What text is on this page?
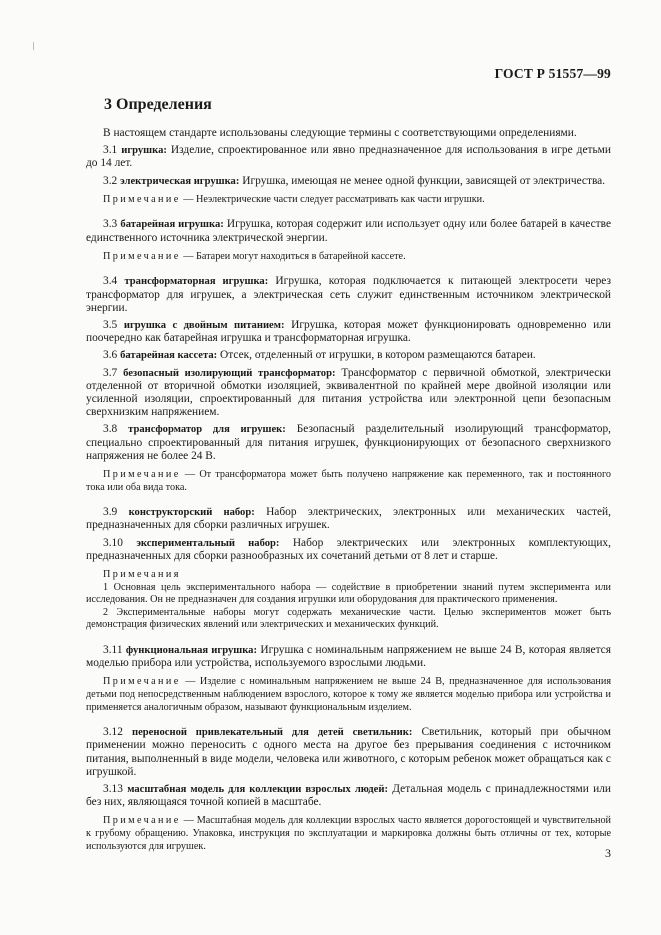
ГОСТ Р 51557—99
3 Определения

В настоящем стандарте использованы следующие термины с соответствующими определениями.

3.1 игрушка: Изделие, спроектированное или явно предназначенное для использования в игре детьми до 14 лет.

3.2 электрическая игрушка: Игрушка, имеющая не менее одной функции, зависящей от электричества.

Примечание — Неэлектрические части следует рассматривать как части игрушки.

3.3 батарейная игрушка: Игрушка, которая содержит или использует одну или более батарей в качестве единственного источника электрической энергии.

Примечание — Батареи могут находиться в батарейной кассете.

3.4 трансформаторная игрушка: Игрушка, которая подключается к питающей электросети через трансформатор для игрушек, а электрическая сеть служит единственным источником электрической энергии.

3.5 игрушка с двойным питанием: Игрушка, которая может функционировать одновременно или поочередно как батарейная игрушка и трансформаторная игрушка.

3.6 батарейная кассета: Отсек, отделенный от игрушки, в котором размещаются батареи.

3.7 безопасный изолирующий трансформатор: Трансформатор с первичной обмоткой, электрически отделенной от вторичной обмотки изоляцией, эквивалентной по крайней мере двойной изоляции или усиленной изоляции, спроектированный для питания устройства или электронной цепи безопасным сверхнизким напряжением.

3.8 трансформатор для игрушек: Безопасный разделительный изолирующий трансформатор, специально спроектированный для питания игрушек, функционирующих от безопасного сверхнизкого напряжения не более 24 В.

Примечание — От трансформатора может быть получено напряжение как переменного, так и постоянного тока или оба вида тока.

3.9 конструкторский набор: Набор электрических, электронных или механических частей, предназначенных для сборки различных игрушек.

3.10 экспериментальный набор: Набор электрических или электронных комплектующих, предназначенных для сборки разнообразных их сочетаний детьми от 8 лет и старше.

Примечания

1 Основная цель экспериментального набора — содействие в приобретении знаний путем эксперимента или исследования. Он не предназначен для создания игрушки или оборудования для практического применения.

2 Экспериментальные наборы могут содержать механические части. Целью экспериментов может быть демонстрация физических явлений или электрических и механических функций.

3.11 функциональная игрушка: Игрушка с номинальным напряжением не выше 24 В, которая является моделью прибора или устройства, используемого взрослыми людьми.

Примечание — Изделие с номинальным напряжением не выше 24 В, предназначенное для использования детьми под непосредственным наблюдением взрослого, которое к тому же является моделью прибора или устройства и применяется аналогичным образом, называют функциональным изделием.

3.12 переносной привлекательный для детей светильник: Светильник, который при обычном применении можно переносить с одного места на другое без прерывания соединения с источником питания, выполненный в виде модели, человека или животного, с которым ребенок может обращаться как с игрушкой.

3.13 масштабная модель для коллекции взрослых людей: Детальная модель с принадлежностями или без них, являющаяся точной копией в масштабе.

Примечание — Масштабная модель для коллекции взрослых часто является дорогостоящей и чувствительной к грубому обращению. Упаковка, инструкция по эксплуатации и маркировка должны быть отличны от тех, которые используются для игрушек.	3
